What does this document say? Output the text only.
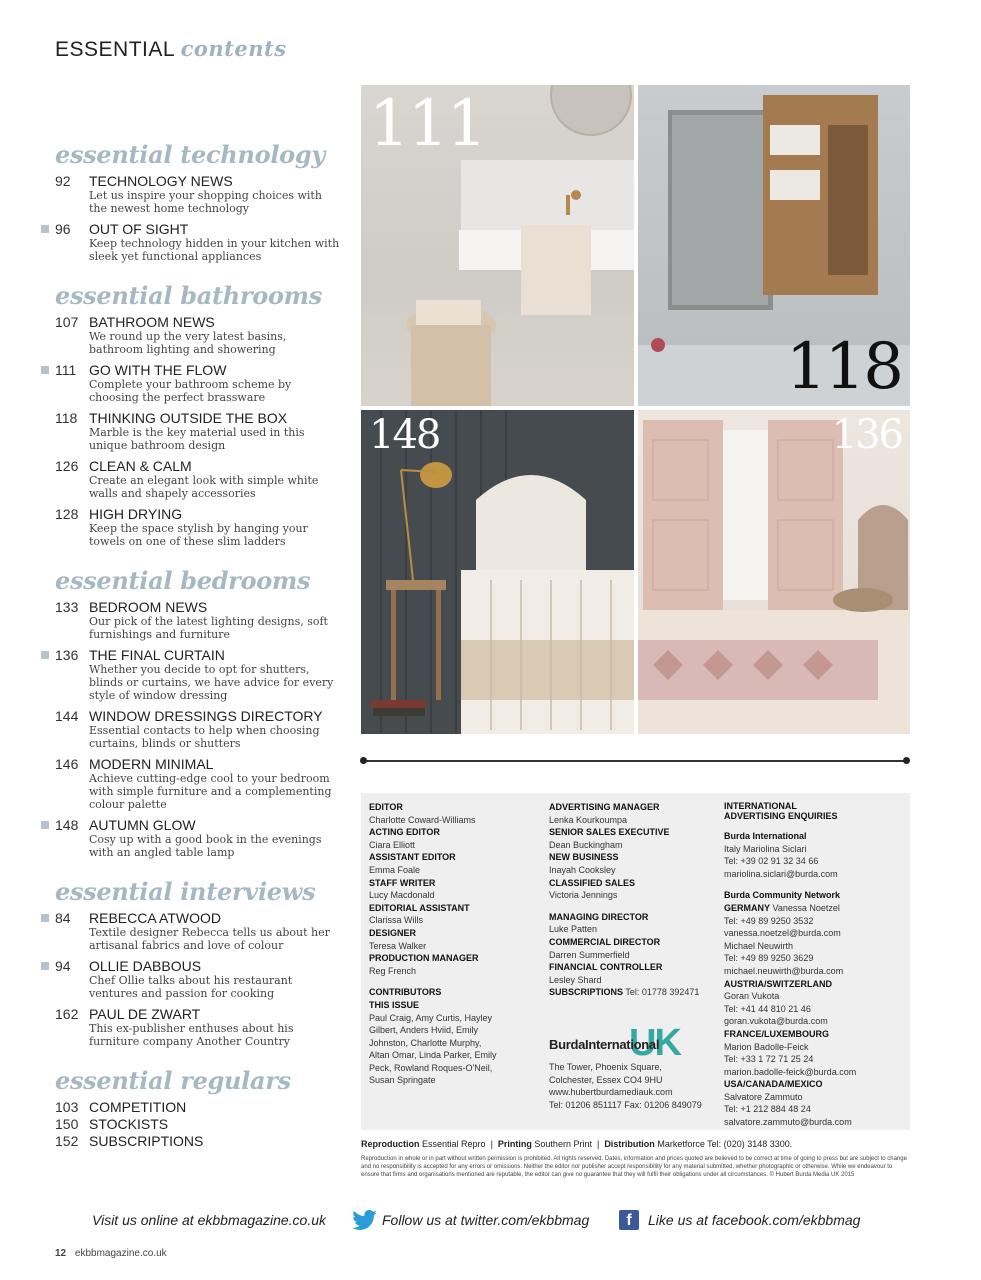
ESSENTIAL contents
essential technology
92 TECHNOLOGY NEWS
Let us inspire your shopping choices with the newest home technology
96 OUT OF SIGHT
Keep technology hidden in your kitchen with sleek yet functional appliances
essential bathrooms
107 BATHROOM NEWS
We round up the very latest basins, bathroom lighting and showering
111 GO WITH THE FLOW
Complete your bathroom scheme by choosing the perfect brassware
118 THINKING OUTSIDE THE BOX
Marble is the key material used in this unique bathroom design
126 CLEAN & CALM
Create an elegant look with simple white walls and shapely accessories
128 HIGH DRYING
Keep the space stylish by hanging your towels on one of these slim ladders
essential bedrooms
133 BEDROOM NEWS
Our pick of the latest lighting designs, soft furnishings and furniture
136 THE FINAL CURTAIN
Whether you decide to opt for shutters, blinds or curtains, we have advice for every style of window dressing
144 WINDOW DRESSINGS DIRECTORY
Essential contacts to help when choosing curtains, blinds or shutters
146 MODERN MINIMAL
Achieve cutting-edge cool to your bedroom with simple furniture and a complementing colour palette
148 AUTUMN GLOW
Cosy up with a good book in the evenings with an angled table lamp
essential interviews
84 REBECCA ATWOOD
Textile designer Rebecca tells us about her artisanal fabrics and love of colour
94 OLLIE DABBOUS
Chef Ollie talks about his restaurant ventures and passion for cooking
162 PAUL DE ZWART
This ex-publisher enthuses about his furniture company Another Country
essential regulars
103 COMPETITION
150 STOCKISTS
152 SUBSCRIPTIONS
111
118
148	136
EDITOR
Charlotte Coward-Williams
ACTING EDITOR
Ciara Elliott
ASSISTANT EDITOR
Emma Foale
STAFF WRITER
Lucy Macdonald
EDITORIAL ASSISTANT
Clarissa Wills
DESIGNER
Teresa Walker
PRODUCTION MANAGER
Reg French
CONTRIBUTORS
THIS ISSUE
Paul Craig, Amy Curtis, Hayley Gilbert, Anders Hviid, Emily Johnston, Charlotte Murphy, Altan Omar, Linda Parker, Emily Peck, Rowland Roques-O'Neil, Susan Springate
ADVERTISING MANAGER
Lenka Kourkoumpa
SENIOR SALES EXECUTIVE
Dean Buckingham
NEW BUSINESS
Inayah Cooksley
CLASSIFIED SALES
Victoria Jennings
MANAGING DIRECTOR
Luke Patten
COMMERCIAL DIRECTOR
Darren Summerfield
FINANCIAL CONTROLLER
Lesley Shard
SUBSCRIPTIONS Tel: 01778 392471
The Tower, Phoenix Square,
Colchester, Essex CO4 9HU
www.hubertburdamediauk.com
Tel: 01206 851117 Fax: 01206 849079
UK
BurdaInternational
INTERNATIONAL ADVERTISING ENQUIRIES
Burda International
Italy Mariolina Siclari
Tel: +39 02 91 32 34 66
mariolina.siclari@burda.com
Burda Community Network
GERMANY Vanessa Noetzel
Tel: +49 89 9250 3532
vanessa.noetzel@burda.com
Michael Neuwirth
Tel: +49 89 9250 3629
michael.neuwirth@burda.com
AUSTRIA/SWITZERLAND
Goran Vukota
Tel: +41 44 810 21 46
goran.vukota@burda.com
FRANCE/LUXEMBOURG
Marion Badolle-Feick
Tel: +33 1 72 71 25 24
marion.badolle-feick@burda.com
USA/CANADA/MEXICO
Salvatore Zammuto
Tel: +1 212 884 48 24
salvatore.zammuto@burda.com
Reproduction Essential Repro  |  Printing Southern Print  |  Distribution Marketforce Tel: (020) 3148 3300.
Reproduction in whole or in part without written permission is prohibited. All rights reserved. Dates, information and prices quoted are believed to be correct at time of going to press but are subject to change and no responsibility is accepted for any errors or omissions. Neither the editor nor publisher accept responsibility for any material submitted, whether photographic or otherwise. While we endeavour to ensure that firms and organisations mentioned are reputable, the editor can give no guarantee that they will fulfil their obligations under all circumstances. © Hubert Burda Media UK 2015
Visit us online at ekbbmagazine.co.uk	Follow us at twitter.com/ekbbmag	f	Like us at facebook.com/ekbbmag
12 ekbbmagazine.co.uk
